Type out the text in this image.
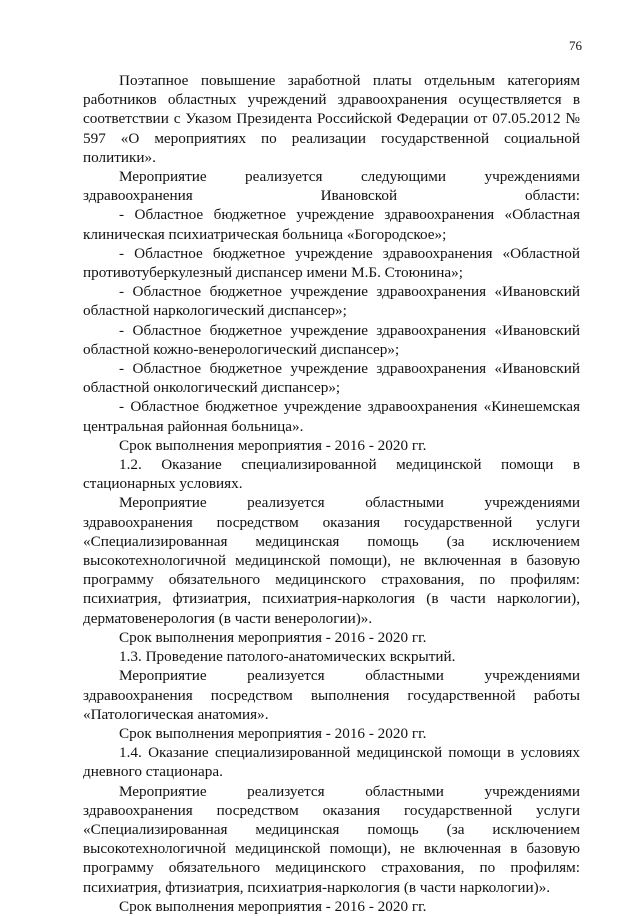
76

Поэтапное повышение заработной платы отдельным категориям работников областных учреждений здравоохранения осуществляется в соответствии с Указом Президента Российской Федерации от 07.05.2012 № 597 «О мероприятиях по реализации государственной социальной политики».

Мероприятие реализуется следующими учреждениями здравоохранения Ивановской области:

- Областное бюджетное учреждение здравоохранения «Областная клиническая психиатрическая больница «Богородское»;

- Областное бюджетное учреждение здравоохранения «Областной противотуберкулезный диспансер имени М.Б. Стоюнина»;

- Областное бюджетное учреждение здравоохранения «Ивановский областной наркологический диспансер»;

- Областное бюджетное учреждение здравоохранения «Ивановский областной кожно-венерологический диспансер»;

- Областное бюджетное учреждение здравоохранения «Ивановский областной онкологический диспансер»;

- Областное бюджетное учреждение здравоохранения «Кинешемская центральная районная больница».

Срок выполнения мероприятия - 2016 - 2020 гг.

1.2. Оказание специализированной медицинской помощи в стационарных условиях.

Мероприятие реализуется областными учреждениями здравоохранения посредством оказания государственной услуги «Специализированная медицинская помощь (за исключением высокотехнологичной медицинской помощи), не включенная в базовую программу обязательного медицинского страхования, по профилям: психиатрия, фтизиатрия, психиатрия-наркология (в части наркологии), дерматовенерология (в части венерологии)».

Срок выполнения мероприятия - 2016 - 2020 гг.

1.3. Проведение патолого-анатомических вскрытий.

Мероприятие реализуется областными учреждениями здравоохранения посредством выполнения государственной работы «Патологическая анатомия».

Срок выполнения мероприятия - 2016 - 2020 гг.

1.4. Оказание специализированной медицинской помощи в условиях дневного стационара.

Мероприятие реализуется областными учреждениями здравоохранения посредством оказания государственной услуги «Специализированная медицинская помощь (за исключением высокотехнологичной медицинской помощи), не включенная в базовую программу обязательного медицинского страхования, по профилям: психиатрия, фтизиатрия, психиатрия-наркология (в части наркологии)».

Срок выполнения мероприятия - 2016 - 2020 гг.
